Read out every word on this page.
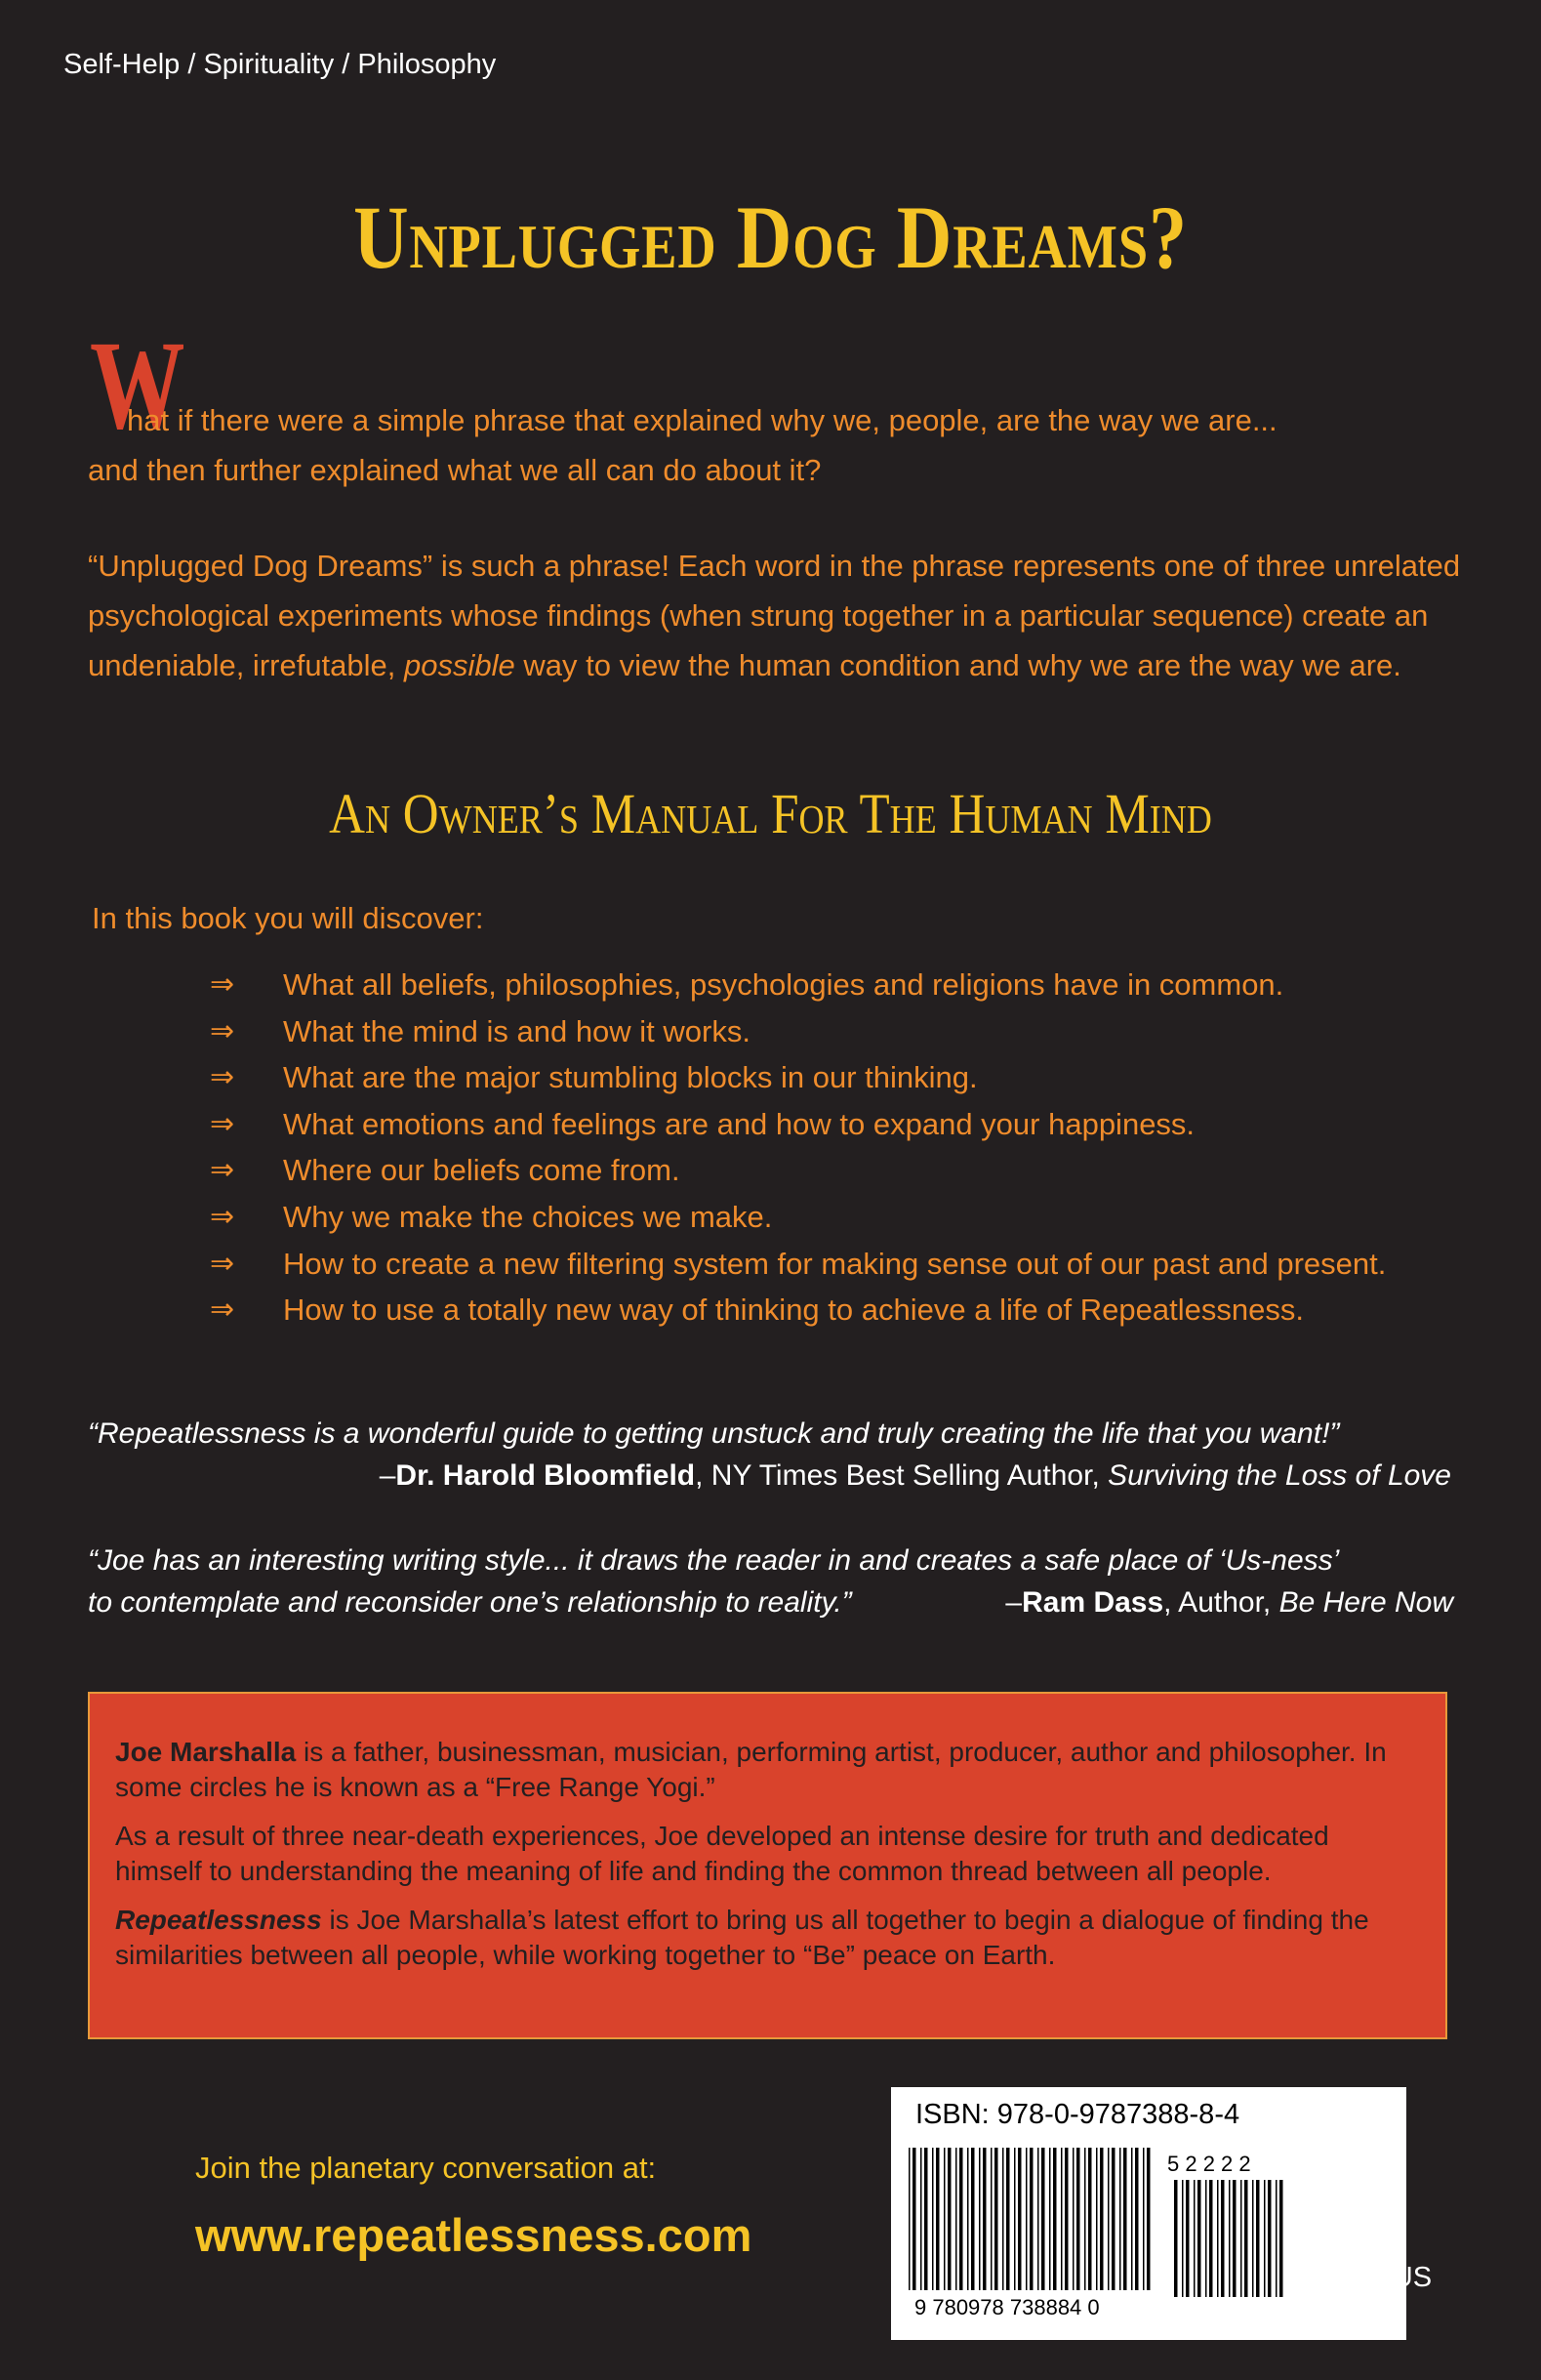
Self-Help / Spirituality / Philosophy
Unplugged Dog Dreams?
W
hat if there were a simple phrase that explained why we, people, are the way we are...
and then further explained what we all can do about it?
“Unplugged Dog Dreams” is such a phrase! Each word in the phrase represents one of three unrelated psychological experiments whose findings (when strung together in a particular sequence) create an undeniable, irrefutable, possible way to view the human condition and why we are the way we are.
An Owner’s Manual For The Human Mind
In this book you will discover:
⇒ What all beliefs, philosophies, psychologies and religions have in common.
⇒ What the mind is and how it works.
⇒ What are the major stumbling blocks in our thinking.
⇒ What emotions and feelings are and how to expand your happiness.
⇒ Where our beliefs come from.
⇒ Why we make the choices we make.
⇒ How to create a new filtering system for making sense out of our past and present.
⇒ How to use a totally new way of thinking to achieve a life of Repeatlessness.
“Repeatlessness is a wonderful guide to getting unstuck and truly creating the life that you want!”
–Dr. Harold Bloomfield, NY Times Best Selling Author, Surviving the Loss of Love
“Joe has an interesting writing style... it draws the reader in and creates a safe place of ‘Us-ness’
to contemplate and reconsider one’s relationship to reality.”	–Ram Dass, Author, Be Here Now

Joe Marshalla is a father, businessman, musician, performing artist, producer, author and philosopher. In some circles he is known as a “Free Range Yogi.”

As a result of three near-death experiences, Joe developed an intense desire for truth and dedicated himself to understanding the meaning of life and finding the common thread between all people.

Repeatlessness is Joe Marshalla’s latest effort to bring us all together to begin a dialogue of finding the similarities between all people, while working together to “Be” peace on Earth.

Join the planetary conversation at:
www.repeatlessness.com
ISBN: 978-0-9787388-8-4
9 780978 738884 0
5 2 2 2 2
$22.22 US
